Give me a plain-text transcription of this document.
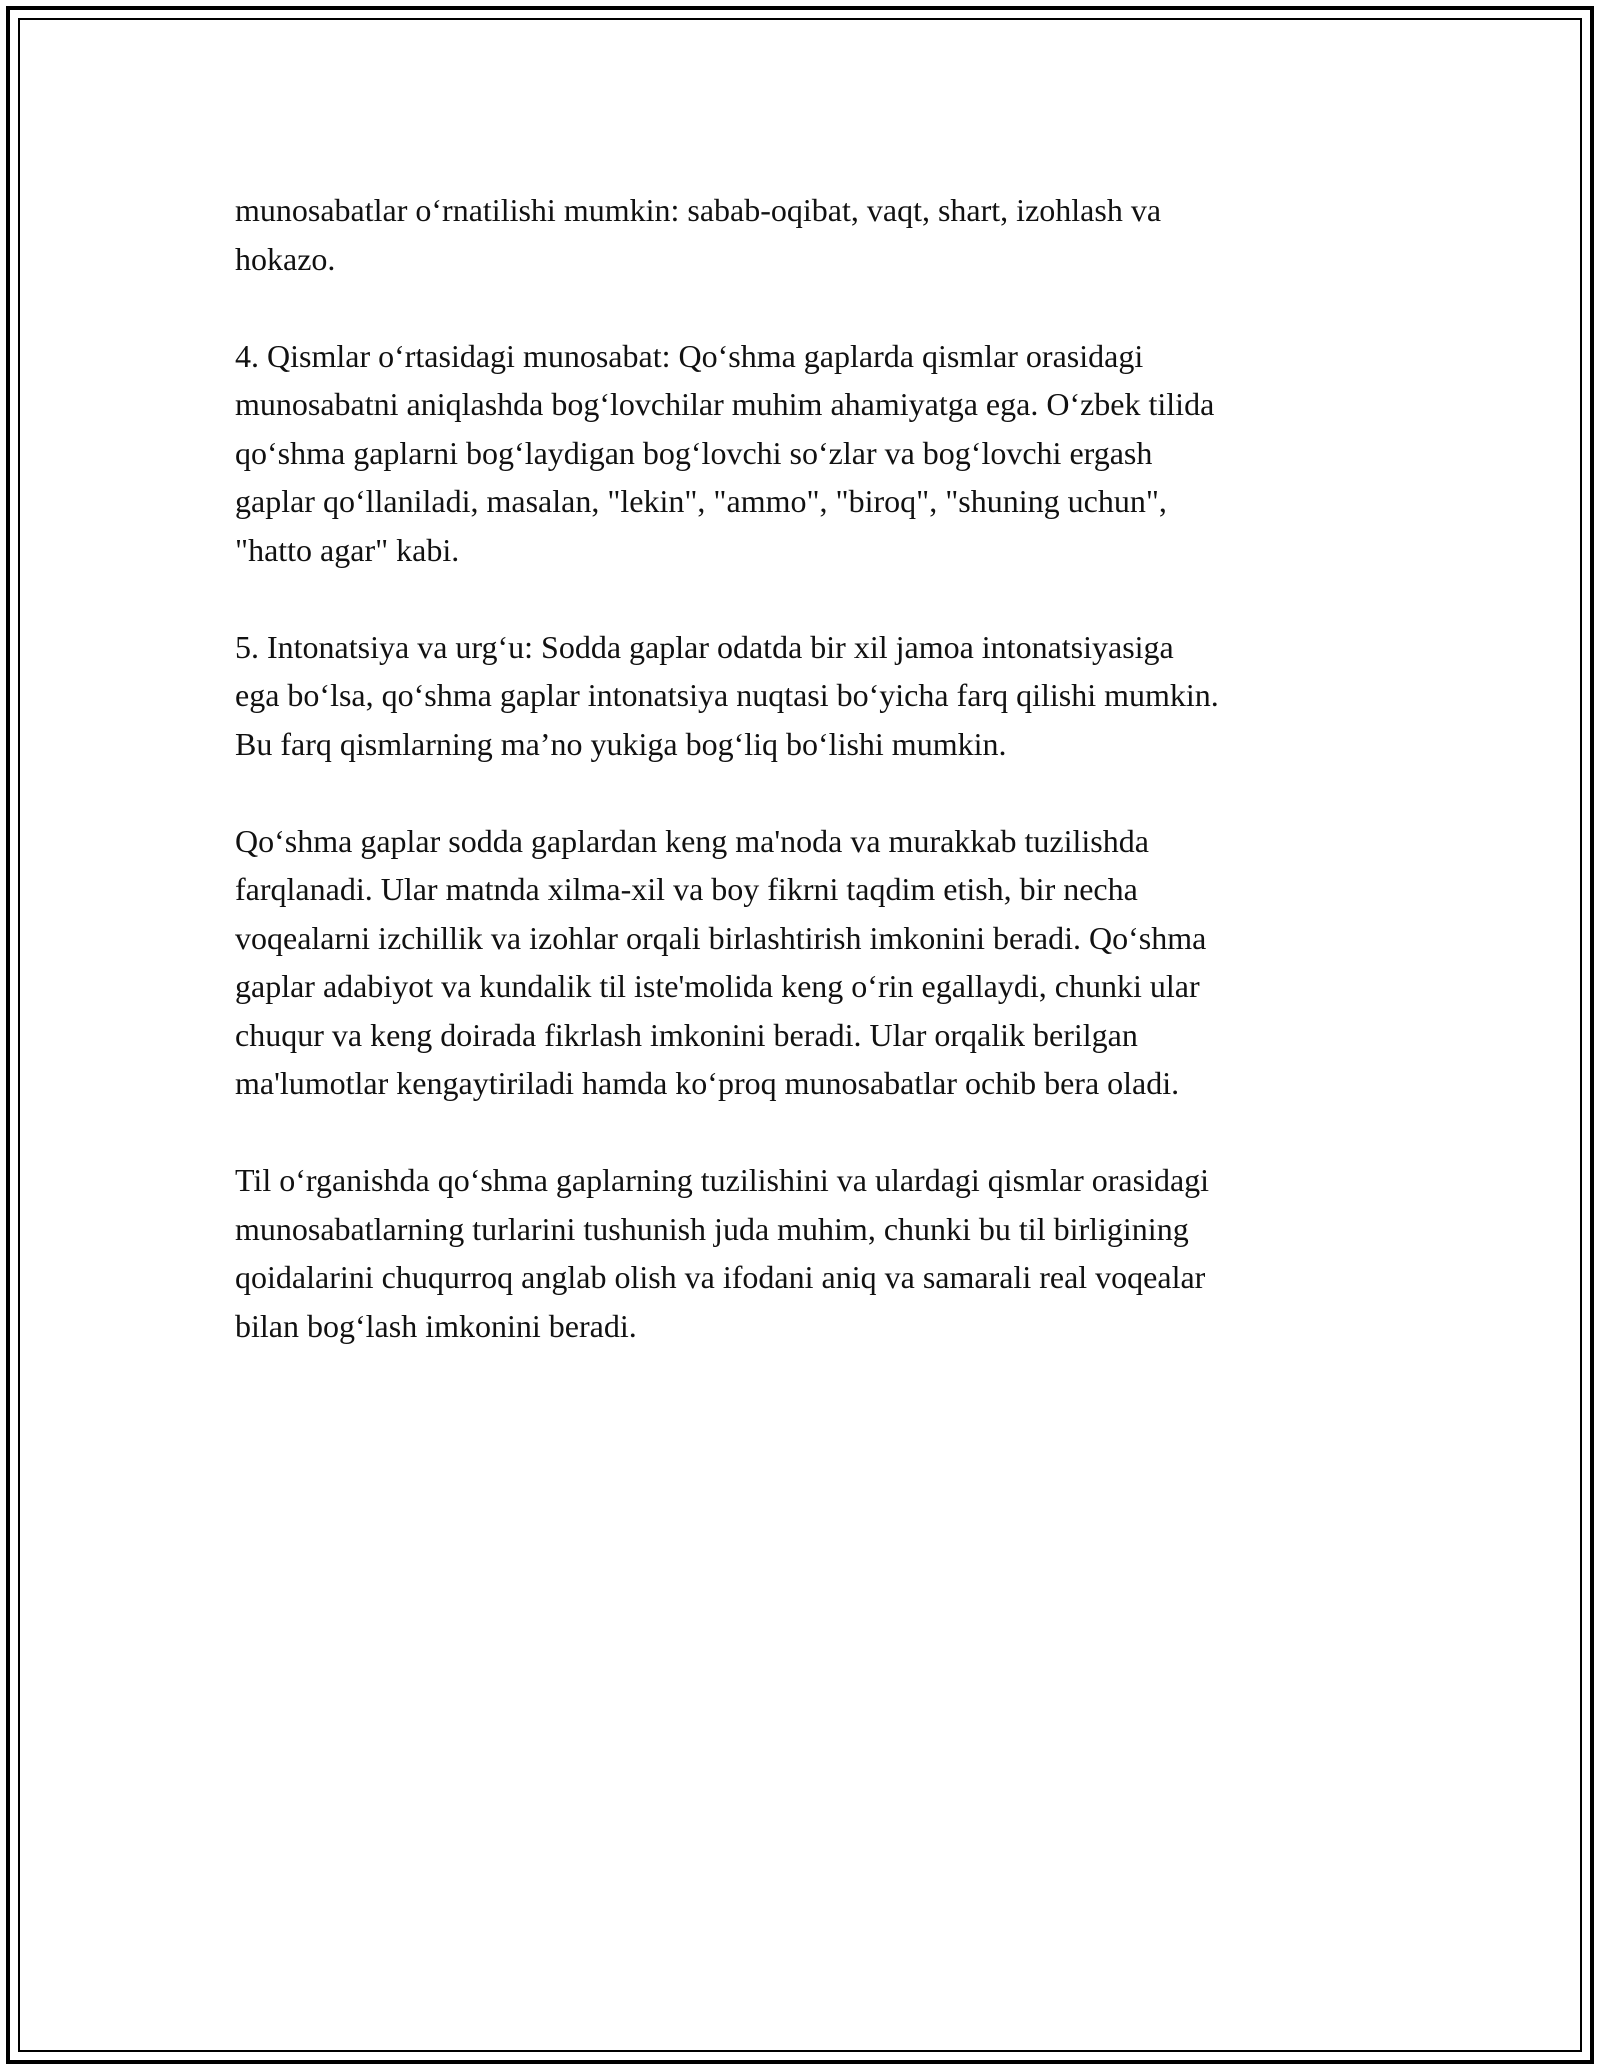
munosabatlar o‘rnatilishi mumkin: sabab-oqibat, vaqt, shart, izohlash va
hokazo.

4. Qismlar o‘rtasidagi munosabat: Qo‘shma gaplarda qismlar orasidagi
munosabatni aniqlashda bog‘lovchilar muhim ahamiyatga ega. O‘zbek tilida
qo‘shma gaplarni bog‘laydigan bog‘lovchi so‘zlar va bog‘lovchi ergash
gaplar qo‘llaniladi, masalan, "lekin", "ammo", "biroq", "shuning uchun",
"hatto agar" kabi.

5. Intonatsiya va urg‘u: Sodda gaplar odatda bir xil jamoa intonatsiyasiga
ega bo‘lsa, qo‘shma gaplar intonatsiya nuqtasi bo‘yicha farq qilishi mumkin.
Bu farq qismlarning ma’no yukiga bog‘liq bo‘lishi mumkin.

Qo‘shma gaplar sodda gaplardan keng ma'noda va murakkab tuzilishda
farqlanadi. Ular matnda xilma-xil va boy fikrni taqdim etish, bir necha
voqealarni izchillik va izohlar orqali birlashtirish imkonini beradi. Qo‘shma
gaplar adabiyot va kundalik til iste'molida keng o‘rin egallaydi, chunki ular
chuqur va keng doirada fikrlash imkonini beradi. Ular orqalik berilgan
ma'lumotlar kengaytiriladi hamda ko‘proq munosabatlar ochib bera oladi.

Til o‘rganishda qo‘shma gaplarning tuzilishini va ulardagi qismlar orasidagi
munosabatlarning turlarini tushunish juda muhim, chunki bu til birligining
qoidalarini chuqurroq anglab olish va ifodani aniq va samarali real voqealar
bilan bog‘lash imkonini beradi.
